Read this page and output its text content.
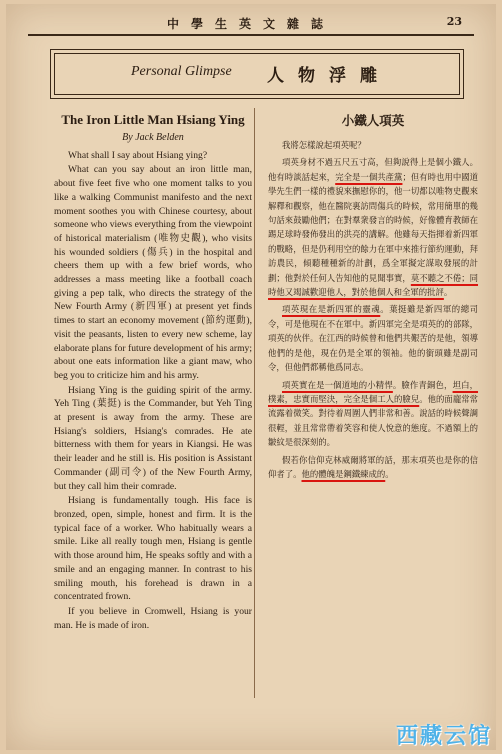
中學生英文雜誌	23
Personal Glimpse 人物浮雕
The Iron Little Man Hsiang Ying
By Jack Belden

What shall I say about Hsiang ying?

What can you say about an iron little man, about five feet five who one moment talks to you like a walking Communist manifesto and the next moment soothes you with Chinese courtesy, about someone who views everything from the viewpoint of historical materialism (唯物史觀), who visits his wounded soldiers (傷兵) in the hospital and cheers them up with a few brief words, who addresses a mass meeting like a football coach giving a pep talk, who directs the strategy of the New Fourth Army (新四軍) at present yet finds times to start an economy movement (節約運動), visit the peasants, listen to every new scheme, lay elaborate plans for future development of his army; about one eats information like a giant maw, who beg you to criticize him and his army.

Hsiang Ying is the guiding spirit of the army. Yeh Ting (葉挺) is the Commander, but Yeh Ting at present is away from the army. These are Hsiang's soldiers, Hsiang's comrades. He ate bitterness with them for years in Kiangsi. He was their leader and he still is. His position is Assistant Commander (副司令) of the New Fourth Army, but they call him their comrade.

Hsiang is fundamentally tough. His face is bronzed, open, simple, honest and firm. It is the typical face of a worker. Who habitually wears a smile. Like all really tough men, Hsiang is gentle with those around him, He speaks softly and with a smile and an engaging manner. In contrast to his smiling mouth, his forehead is drawn in a concentrated frown.

If you believe in Cromwell, Hsiang is your man. He is made of iron.

小鐵人項英

我將怎樣說起項英呢？

項英身材不過五尺五寸高，但夠說得上是個小鐵人。他有時談話起來，完全是一個共產黨；但有時也用中國道學先生們一樣的禮貌來撫慰你的，他一切都以唯物史觀來解釋和觀察，他在醫院裏訪問傷兵的時候，常用簡單的幾句話來鼓勵他們；在對羣衆發言的時候，好像體育教師在踢足球時發佈發出的洪亮的講解。他雖每天指揮着新四軍的戰略，但是仍利用空的餘力在軍中來推行節約運動，拜訪農民，傾聽種種新的計劃，爲全軍擬定謀取發展的計劃；他對於任何人告知他的見聞事實，莫不聽之不倦；同時他又竭誠歡迎他人，對於他個人和全軍的批評。

項英現在是新四軍的靈魂。葉挺雖是新四軍的總司令，可是他現在不在軍中。新四軍完全是項英的的部隊，項英的伙伴。在江西的時候曾和他們共艱苦的是他，領導他們的是他，現在仍是全軍的領袖。他的銜頭雖是副司令，但他們都稱他爲同志。

項英實在是一個道地的小精悍。臉作青銅色，坦白，樸素，忠實而堅決，完全是個工人的臉兒。他的面龐常常流露着微笑。對待着周圍人們非常和善。說話的時候聲調很輕，並且常常帶着笑容和使人悅意的態度。不過額上的皺紋是很深刻的。

假若你信仰克林威爾將軍的話，那末項英也是你的信仰者了。他的體魄是鋼鐵練成的。

西藏云馆
